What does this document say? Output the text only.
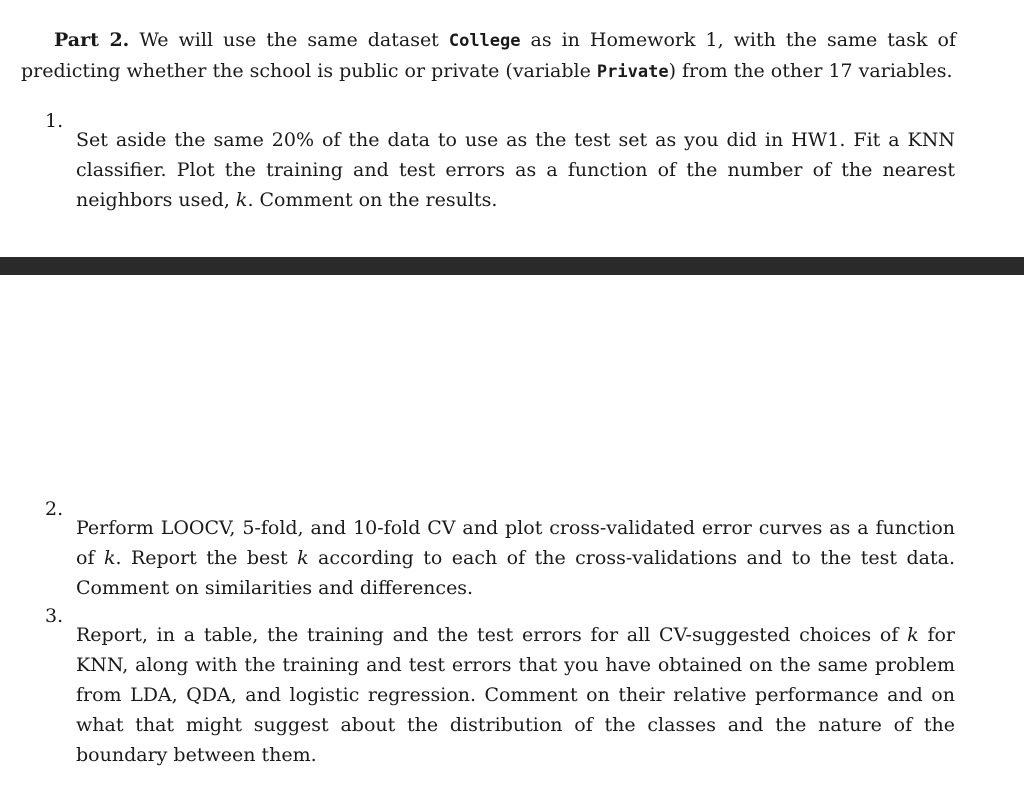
Part 2. We will use the same dataset College as in Homework 1, with the same task of predicting whether the school is public or private (variable Private) from the other 17 variables.

1.

Set aside the same 20% of the data to use as the test set as you did in HW1. Fit a KNN classifier. Plot the training and test errors as a function of the number of the nearest neighbors used, k. Comment on the results.

2.

Perform LOOCV, 5-fold, and 10-fold CV and plot cross-validated error curves as a function of k. Report the best k according to each of the cross-validations and to the test data. Comment on similarities and differences.

3.

Report, in a table, the training and the test errors for all CV-suggested choices of k for KNN, along with the training and test errors that you have obtained on the same problem from LDA, QDA, and logistic regression. Comment on their relative performance and on what that might suggest about the distribution of the classes and the nature of the boundary between them.
